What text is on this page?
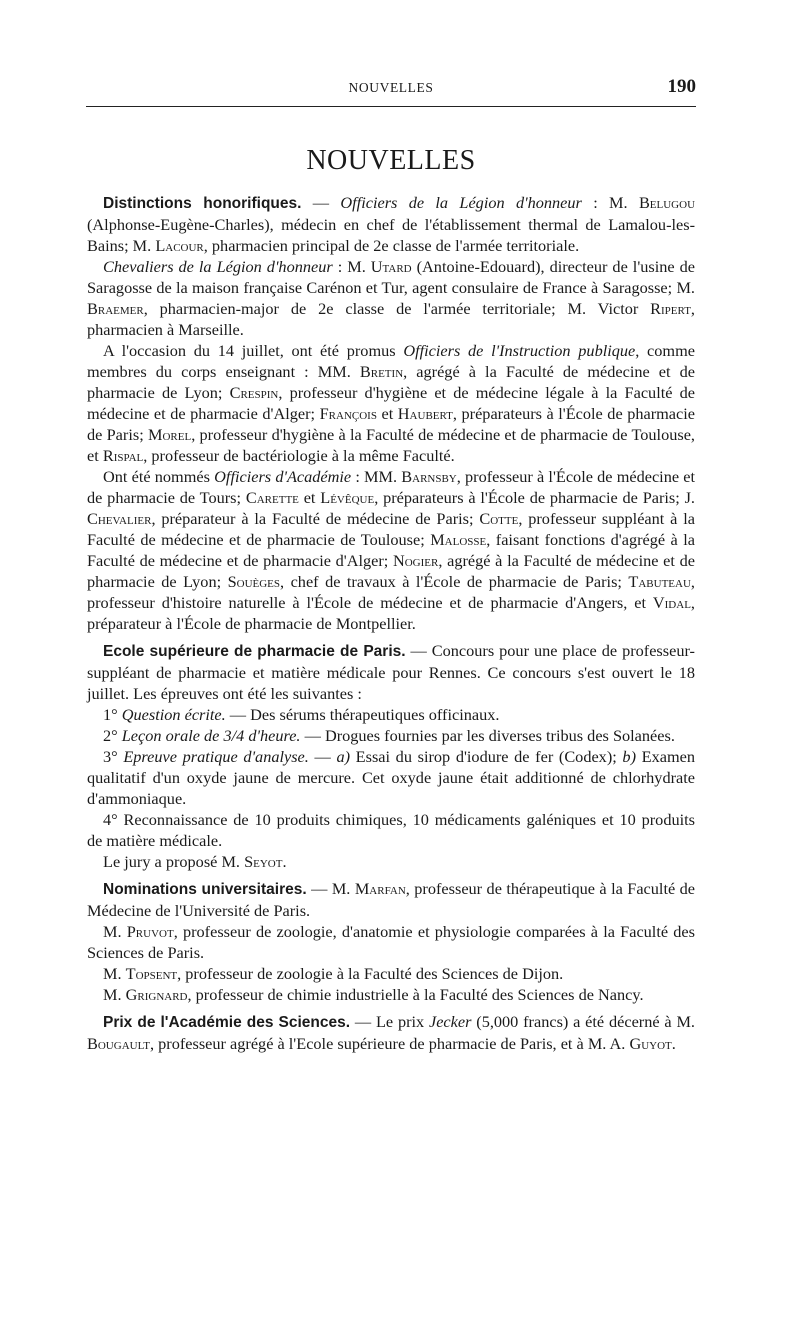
NOUVELLES	190
NOUVELLES

Distinctions honorifiques. — Officiers de la Légion d'honneur : M. Belugou (Alphonse-Eugène-Charles), médecin en chef de l'établissement thermal de Lamalou-les-Bains; M. Lacour, pharmacien principal de 2e classe de l'armée territoriale.

Chevaliers de la Légion d'honneur : M. Utard (Antoine-Edouard), directeur de l'usine de Saragosse de la maison française Carénon et Tur, agent consulaire de France à Saragosse; M. Braemer, pharmacien-major de 2e classe de l'armée territoriale; M. Victor Ripert, pharmacien à Marseille.

A l'occasion du 14 juillet, ont été promus Officiers de l'Instruction publique, comme membres du corps enseignant : MM. Bretin, agrégé à la Faculté de médecine et de pharmacie de Lyon; Crespin, professeur d'hygiène et de médecine légale à la Faculté de médecine et de pharmacie d'Alger; François et Haubert, préparateurs à l'École de pharmacie de Paris; Morel, professeur d'hygiène à la Faculté de médecine et de pharmacie de Toulouse, et Rispal, professeur de bactériologie à la même Faculté.

Ont été nommés Officiers d'Académie : MM. Barnsby, professeur à l'École de médecine et de pharmacie de Tours; Carette et Lévêque, préparateurs à l'École de pharmacie de Paris; J. Chevalier, préparateur à la Faculté de médecine de Paris; Cotte, professeur suppléant à la Faculté de médecine et de pharmacie de Toulouse; Malosse, faisant fonctions d'agrégé à la Faculté de médecine et de pharmacie d'Alger; Nogier, agrégé à la Faculté de médecine et de pharmacie de Lyon; Souèges, chef de travaux à l'École de pharmacie de Paris; Tabuteau, professeur d'histoire naturelle à l'École de médecine et de pharmacie d'Angers, et Vidal, préparateur à l'École de pharmacie de Montpellier.

Ecole supérieure de pharmacie de Paris. — Concours pour une place de professeur-suppléant de pharmacie et matière médicale pour Rennes. Ce concours s'est ouvert le 18 juillet. Les épreuves ont été les suivantes :

1° Question écrite. — Des sérums thérapeutiques officinaux.

2° Leçon orale de 3/4 d'heure. — Drogues fournies par les diverses tribus des Solanées.

3° Epreuve pratique d'analyse. — a) Essai du sirop d'iodure de fer (Codex); b) Examen qualitatif d'un oxyde jaune de mercure. Cet oxyde jaune était additionné de chlorhydrate d'ammoniaque.

4° Reconnaissance de 10 produits chimiques, 10 médicaments galéniques et 10 produits de matière médicale.

Le jury a proposé M. Seyot.

Nominations universitaires. — M. Marfan, professeur de thérapeutique à la Faculté de Médecine de l'Université de Paris.

M. Pruvot, professeur de zoologie, d'anatomie et physiologie comparées à la Faculté des Sciences de Paris.

M. Topsent, professeur de zoologie à la Faculté des Sciences de Dijon.

M. Grignard, professeur de chimie industrielle à la Faculté des Sciences de Nancy.

Prix de l'Académie des Sciences. — Le prix Jecker (5,000 francs) a été décerné à M. Bougault, professeur agrégé à l'Ecole supérieure de pharmacie de Paris, et à M. A. Guyot.
